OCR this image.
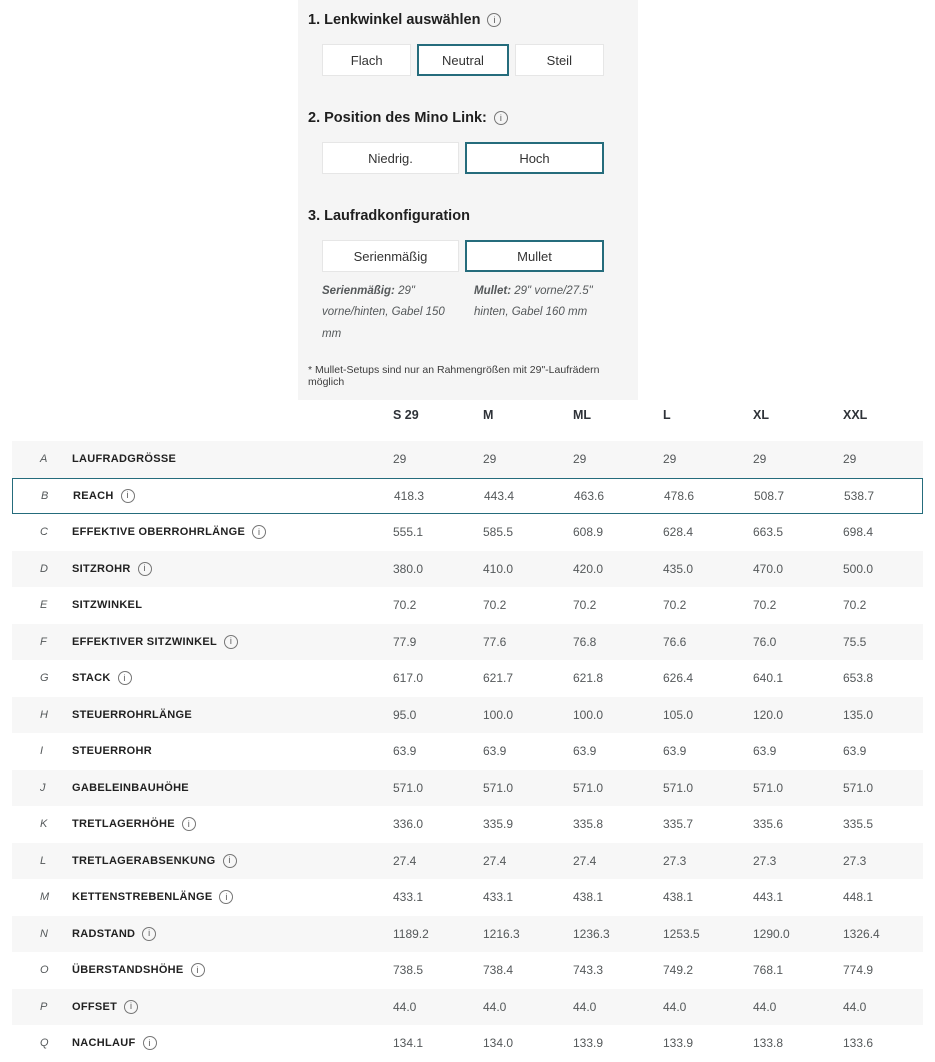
1. Lenkwinkel auswählen	i
Flach	Neutral	Steil
2. Position des Mino Link:	i
Niedrig.	Hoch
3. Laufradkonfiguration
Serienmäßig	Mullet
Serienmäßig: 29" vorne/hinten, Gabel 150 mm
Mullet: 29" vorne/27.5" hinten, Gabel 160 mm
* Mullet-Setups sind nur an Rahmengrößen mit 29"-Laufrädern möglich
S 29	M	ML	L	XL	XXL
A	LAUFRADGRÖSSE	29	29	29	29	29	29
B	REACH	i	418.3	443.4	463.6	478.6	508.7	538.7
C	EFFEKTIVE OBERROHRLÄNGE	i	555.1	585.5	608.9	628.4	663.5	698.4
D	SITZROHR	i	380.0	410.0	420.0	435.0	470.0	500.0
E	SITZWINKEL	70.2	70.2	70.2	70.2	70.2	70.2
F	EFFEKTIVER SITZWINKEL	i	77.9	77.6	76.8	76.6	76.0	75.5
G	STACK	i	617.0	621.7	621.8	626.4	640.1	653.8
H	STEUERROHRLÄNGE	95.0	100.0	100.0	105.0	120.0	135.0
I	STEUERROHR	63.9	63.9	63.9	63.9	63.9	63.9
J	GABELEINBAUHÖHE	571.0	571.0	571.0	571.0	571.0	571.0
K	TRETLAGERHÖHE	i	336.0	335.9	335.8	335.7	335.6	335.5
L	TRETLAGERABSENKUNG	i	27.4	27.4	27.4	27.3	27.3	27.3
M	KETTENSTREBENLÄNGE	i	433.1	433.1	438.1	438.1	443.1	448.1
N	RADSTAND	i	1189.2	1216.3	1236.3	1253.5	1290.0	1326.4
O	ÜBERSTANDSHÖHE	i	738.5	738.4	743.3	749.2	768.1	774.9
P	OFFSET	i	44.0	44.0	44.0	44.0	44.0	44.0
Q	NACHLAUF	i	134.1	134.0	133.9	133.9	133.8	133.6
